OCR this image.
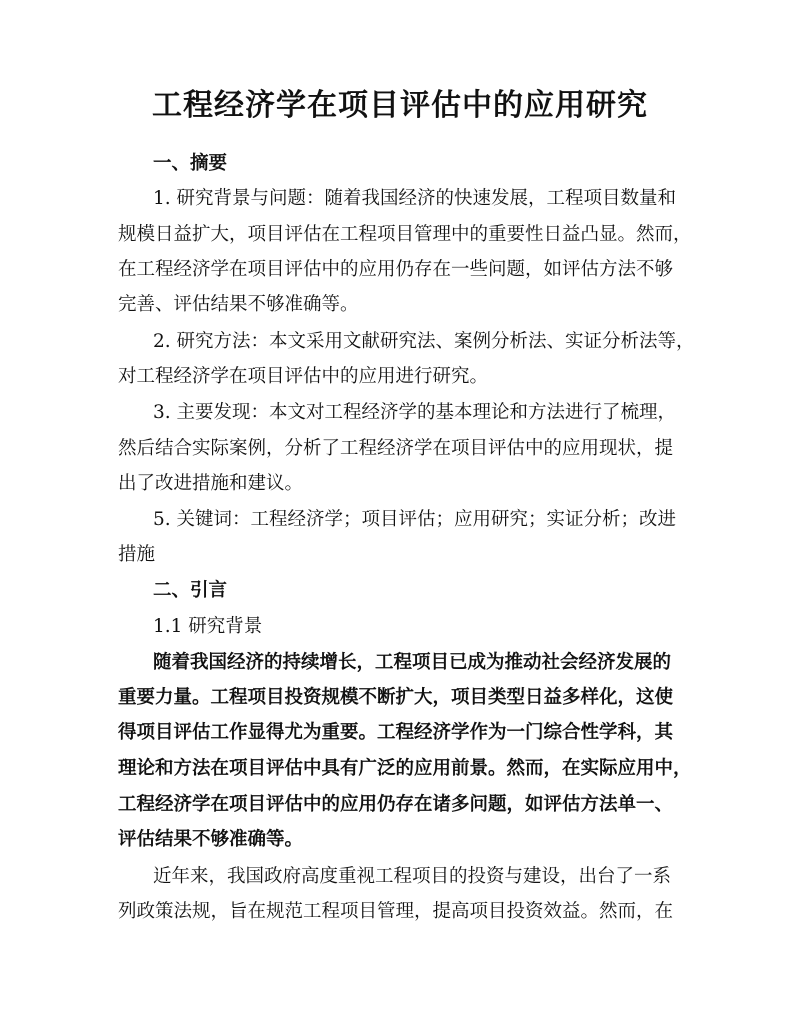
工程经济学在项目评估中的应用研究
一、摘要
1. 研究背景与问题：随着我国经济的快速发展，工程项目数量和
规模日益扩大，项目评估在工程项目管理中的重要性日益凸显。然而，
在工程经济学在项目评估中的应用仍存在一些问题，如评估方法不够
完善、评估结果不够准确等。
2. 研究方法：本文采用文献研究法、案例分析法、实证分析法等，
对工程经济学在项目评估中的应用进行研究。
3. 主要发现：本文对工程经济学的基本理论和方法进行了梳理，
然后结合实际案例，分析了工程经济学在项目评估中的应用现状，提
出了改进措施和建议。
5. 关键词：工程经济学；项目评估；应用研究；实证分析；改进
措施
二、引言
1.1 研究背景
随着我国经济的持续增长，工程项目已成为推动社会经济发展的
重要力量。工程项目投资规模不断扩大，项目类型日益多样化，这使
得项目评估工作显得尤为重要。工程经济学作为一门综合性学科，其
理论和方法在项目评估中具有广泛的应用前景。然而，在实际应用中，
工程经济学在项目评估中的应用仍存在诸多问题，如评估方法单一、
评估结果不够准确等。
近年来，我国政府高度重视工程项目的投资与建设，出台了一系
列政策法规，旨在规范工程项目管理，提高项目投资效益。然而，在
